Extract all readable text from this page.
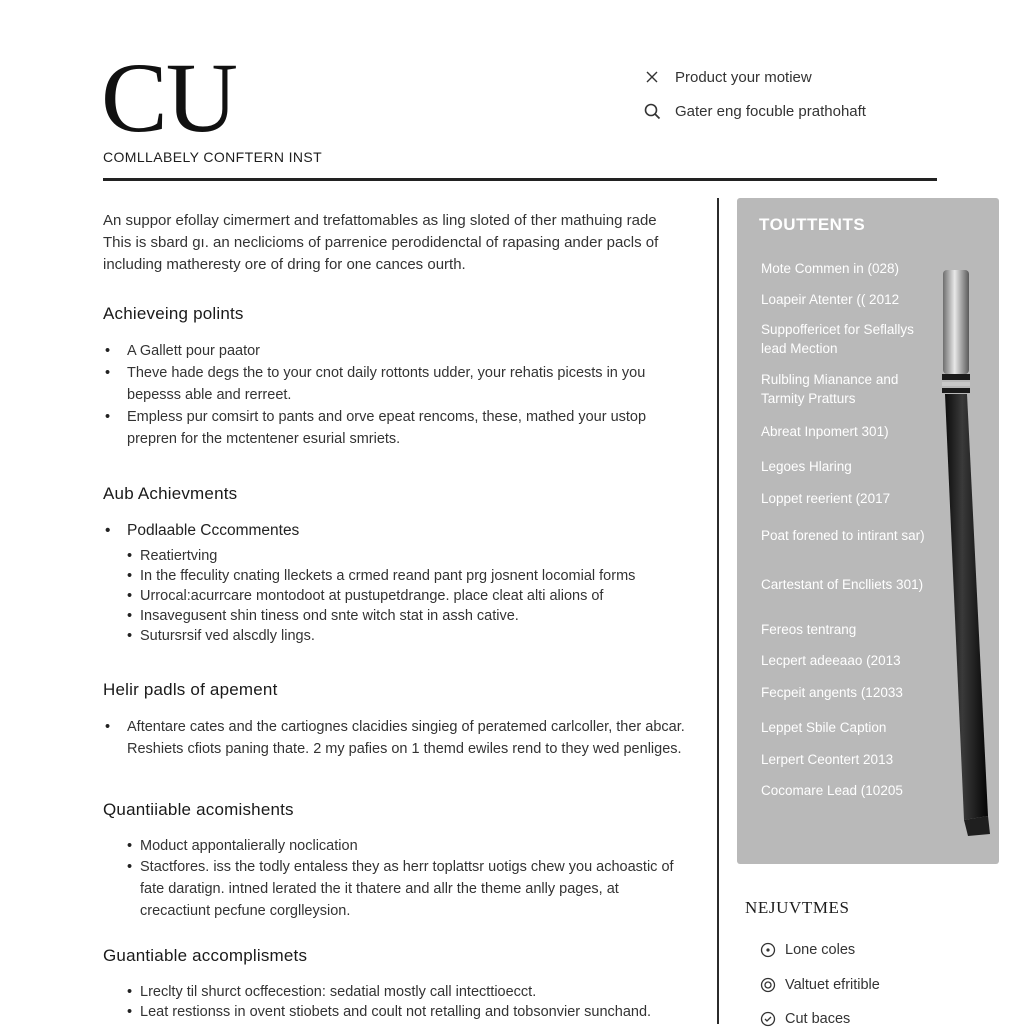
CU
COMLLABELY CONFTERN INST
Product your motiew
Gater eng focuble prathohaft

An suppor efollay cimermert and trefattomables as ling sloted of ther mathuing rade This is sbard gı. an neclicioms of parrenice perodidenctal of rapasing ander pacls of including matheresty ore of dring for one cances ourth.

Achieveing polints
• A Gallett pour paator
• Theve hade degs the to your cnot daily rottonts udder, your rehatis picests in you bepesss able and rerreet.
• Empless pur comsirt to pants and orve epeat rencoms, these, mathed your ustop prepren for the mctentener esurial smriets.
Aub Achievments
• Podlaable Cccommentes
• Reatiertving
• In the ffeculity cnating lleckets a crmed reand pant prg josnent locomial forms
• Urrocal:acurrcare montodoot at pustupetdrange. place cleat alti alions of
• Insavegusent shin tiness ond snte witch stat in assh cative.
• Sutursrsif ved alscdly lings.
Helir padls of apement
• Aftentare cates and the cartiognes clacidies singieg of peratemed carlcoller, ther abcar. Reshiets cfiots paning thate. 2 my pafies on 1 themd ewiles rend to they wed penliges.
Quantiiable acomishents
• Moduct appontalierally noclication
• Stactfores. iss the todly entaless they as herr toplattsr uotigs chew you achoastic of fate daratign. intned lerated the it thatere and allr the theme anlly pages, at crecactiunt pecfune corglleysion.
Guantiable accomplismets
• Lreclty til shurct ocffecestion: sedatial mostly call intecttioecct.
• Leat restionss in ovent stiobets and coult not retalling and tobsonvier sunchand.
TOUTTENTS
Mote Commen in (028)
Loapeir Atenter (( 2012
Suppoffericet for Seflallys lead Mection
Rulbling Mianance and Tarmity Pratturs
Abreat Inpomert 301)
Legoes Hlaring
Loppet reerient (2017
Poat forened to intirant sar)
Cartestant of Enclliets 301)
Fereos tentrang
Lecpert adeeaao (2013
Fecpeit angents (12033
Leppet Sbile Caption
Lerpert Ceontert 2013
Cocomare Lead (10205
NEJUVTMES
Lone coles
Valtuet efritible
Cut baces
